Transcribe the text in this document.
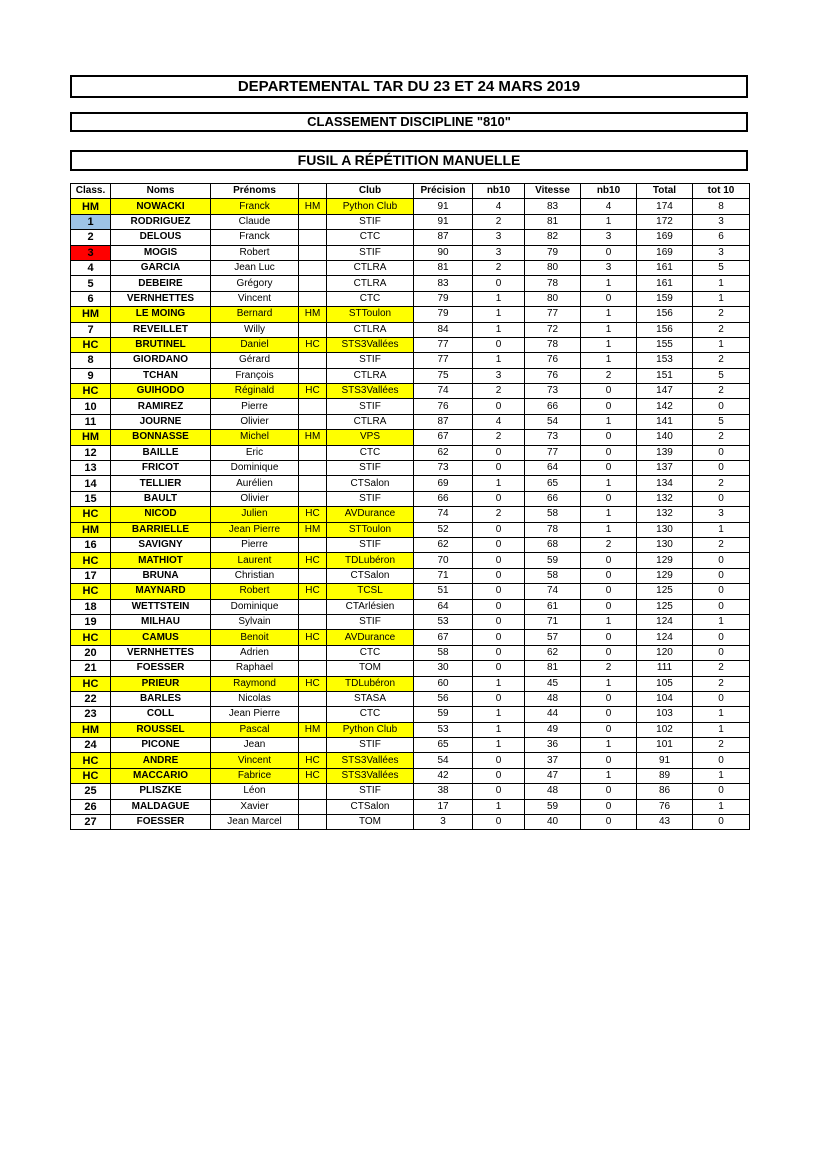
DEPARTEMENTAL TAR DU 23 ET 24 MARS 2019
CLASSEMENT DISCIPLINE "810"
FUSIL A RÉPÉTITION MANUELLE
Class.	Noms	Prénoms		Club	Précision	nb10	Vitesse	nb10	Total	tot 10
HM	NOWACKI	Franck	HM	Python Club	91	4	83	4	174	8
1	RODRIGUEZ	Claude		STIF	91	2	81	1	172	3
2	DELOUS	Franck		CTC	87	3	82	3	169	6
3	MOGIS	Robert		STIF	90	3	79	0	169	3
4	GARCIA	Jean Luc		CTLRA	81	2	80	3	161	5
5	DEBEIRE	Grégory		CTLRA	83	0	78	1	161	1
6	VERNHETTES	Vincent		CTC	79	1	80	0	159	1
HM	LE MOING	Bernard	HM	STToulon	79	1	77	1	156	2
7	REVEILLET	Willy		CTLRA	84	1	72	1	156	2
HC	BRUTINEL	Daniel	HC	STS3Vallées	77	0	78	1	155	1
8	GIORDANO	Gérard		STIF	77	1	76	1	153	2
9	TCHAN	François		CTLRA	75	3	76	2	151	5
HC	GUIHODO	Réginald	HC	STS3Vallées	74	2	73	0	147	2
10	RAMIREZ	Pierre		STIF	76	0	66	0	142	0
11	JOURNE	Olivier		CTLRA	87	4	54	1	141	5
HM	BONNASSE	Michel	HM	VPS	67	2	73	0	140	2
12	BAILLE	Eric		CTC	62	0	77	0	139	0
13	FRICOT	Dominique		STIF	73	0	64	0	137	0
14	TELLIER	Aurélien		CTSalon	69	1	65	1	134	2
15	BAULT	Olivier		STIF	66	0	66	0	132	0
HC	NICOD	Julien	HC	AVDurance	74	2	58	1	132	3
HM	BARRIELLE	Jean Pierre	HM	STToulon	52	0	78	1	130	1
16	SAVIGNY	Pierre		STIF	62	0	68	2	130	2
HC	MATHIOT	Laurent	HC	TDLubéron	70	0	59	0	129	0
17	BRUNA	Christian		CTSalon	71	0	58	0	129	0
HC	MAYNARD	Robert	HC	TCSL	51	0	74	0	125	0
18	WETTSTEIN	Dominique		CTArlésien	64	0	61	0	125	0
19	MILHAU	Sylvain		STIF	53	0	71	1	124	1
HC	CAMUS	Benoit	HC	AVDurance	67	0	57	0	124	0
20	VERNHETTES	Adrien		CTC	58	0	62	0	120	0
21	FOESSER	Raphael		TOM	30	0	81	2	111	2
HC	PRIEUR	Raymond	HC	TDLubéron	60	1	45	1	105	2
22	BARLES	Nicolas		STASA	56	0	48	0	104	0
23	COLL	Jean Pierre		CTC	59	1	44	0	103	1
HM	ROUSSEL	Pascal	HM	Python Club	53	1	49	0	102	1
24	PICONE	Jean		STIF	65	1	36	1	101	2
HC	ANDRE	Vincent	HC	STS3Vallées	54	0	37	0	91	0
HC	MACCARIO	Fabrice	HC	STS3Vallées	42	0	47	1	89	1
25	PLISZKE	Léon		STIF	38	0	48	0	86	0
26	MALDAGUE	Xavier		CTSalon	17	1	59	0	76	1
27	FOESSER	Jean Marcel		TOM	3	0	40	0	43	0
